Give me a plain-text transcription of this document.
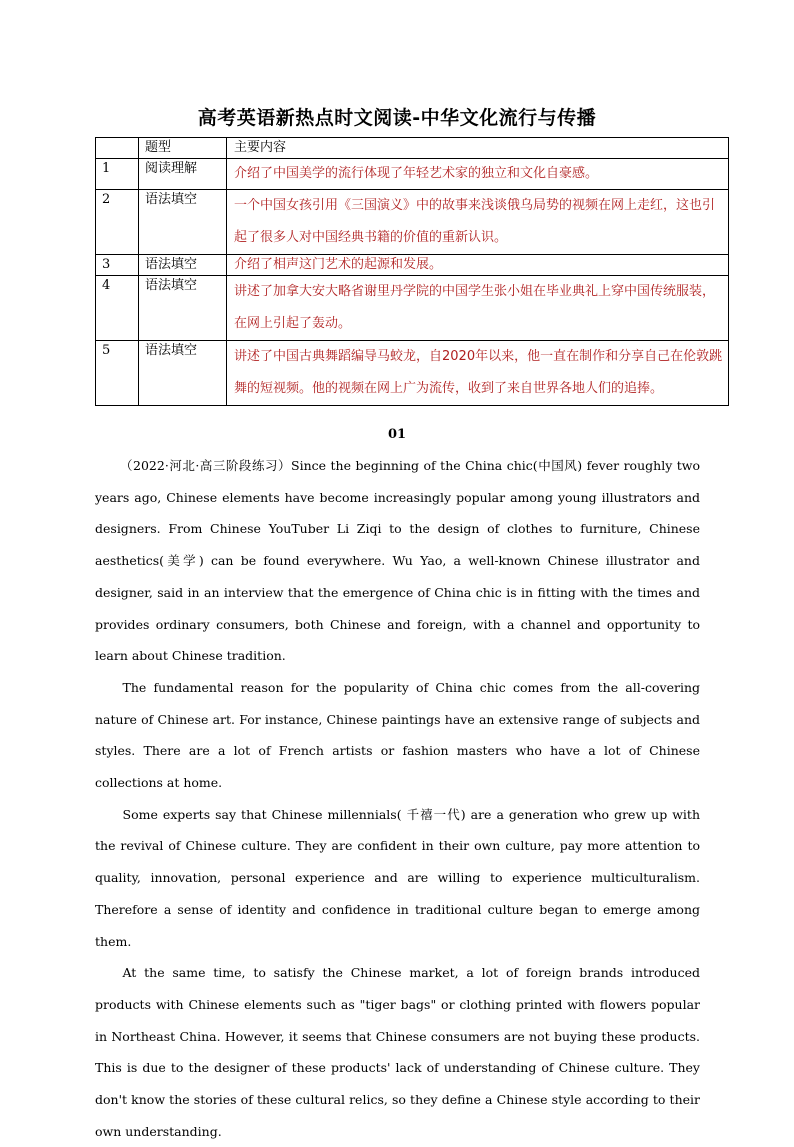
高考英语新热点时文阅读-中华文化流行与传播
	题型	主要内容
1	阅读理解	介绍了中国美学的流行体现了年轻艺术家的独立和文化自豪感。
2	语法填空	一个中国女孩引用《三国演义》中的故事来浅谈俄乌局势的视频在网上走红，这也引起了很多人对中国经典书籍的价值的重新认识。
3	语法填空	介绍了相声这门艺术的起源和发展。
4	语法填空	讲述了加拿大安大略省谢里丹学院的中国学生张小姐在毕业典礼上穿中国传统服装，在网上引起了轰动。
5	语法填空	讲述了中国古典舞蹈编导马蛟龙，自2020年以来，他一直在制作和分享自己在伦敦跳舞的短视频。他的视频在网上广为流传，收到了来自世界各地人们的追捧。
01

（2022·河北·高三阶段练习）Since the beginning of the China chic(中国风) fever roughly two years ago, Chinese elements have become increasingly popular among young illustrators and designers. From Chinese YouTuber Li Ziqi to the design of clothes to furniture, Chinese aesthetics(美学) can be found everywhere. Wu Yao, a well-known Chinese illustrator and designer, said in an interview that the emergence of China chic is in fitting with the times and provides ordinary consumers, both Chinese and foreign, with a channel and opportunity to learn about Chinese tradition.

The fundamental reason for the popularity of China chic comes from the all-covering nature of Chinese art. For instance, Chinese paintings have an extensive range of subjects and styles. There are a lot of French artists or fashion masters who have a lot of Chinese collections at home.

Some experts say that Chinese millennials( 千禧一代) are a generation who grew up with the revival of Chinese culture. They are confident in their own culture, pay more attention to quality, innovation, personal experience and are willing to experience multiculturalism. Therefore a sense of identity and confidence in traditional culture began to emerge among them.

At the same time, to satisfy the Chinese market, a lot of foreign brands introduced products with Chinese elements such as "tiger bags" or clothing printed with flowers popular in Northeast China. However, it seems that Chinese consumers are not buying these products. This is due to the designer of these products' lack of understanding of Chinese culture. They don't know the stories of these cultural relics, so they define a Chinese style according to their own understanding.
